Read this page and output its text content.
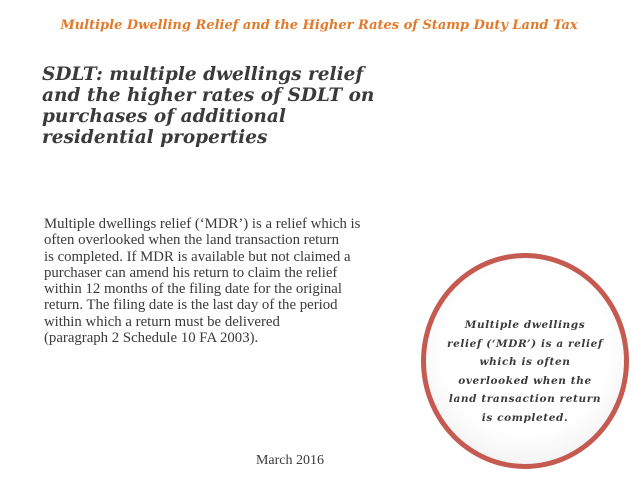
Multiple Dwelling Relief and the Higher Rates of Stamp Duty Land Tax
SDLT: multiple dwellings relief
and the higher rates of SDLT on
purchases of additional
residential properties
Multiple dwellings relief (‘MDR’) is a relief which is
often overlooked when the land transaction return
is completed. If MDR is available but not claimed a
purchaser can amend his return to claim the relief
within 12 months of the filing date for the original
return. The filing date is the last day of the period
within which a return must be delivered
(paragraph 2 Schedule 10 FA 2003).
Multiple dwellings
relief (‘MDR’) is a relief
which is often
overlooked when the
land transaction return
is completed.
March 2016
